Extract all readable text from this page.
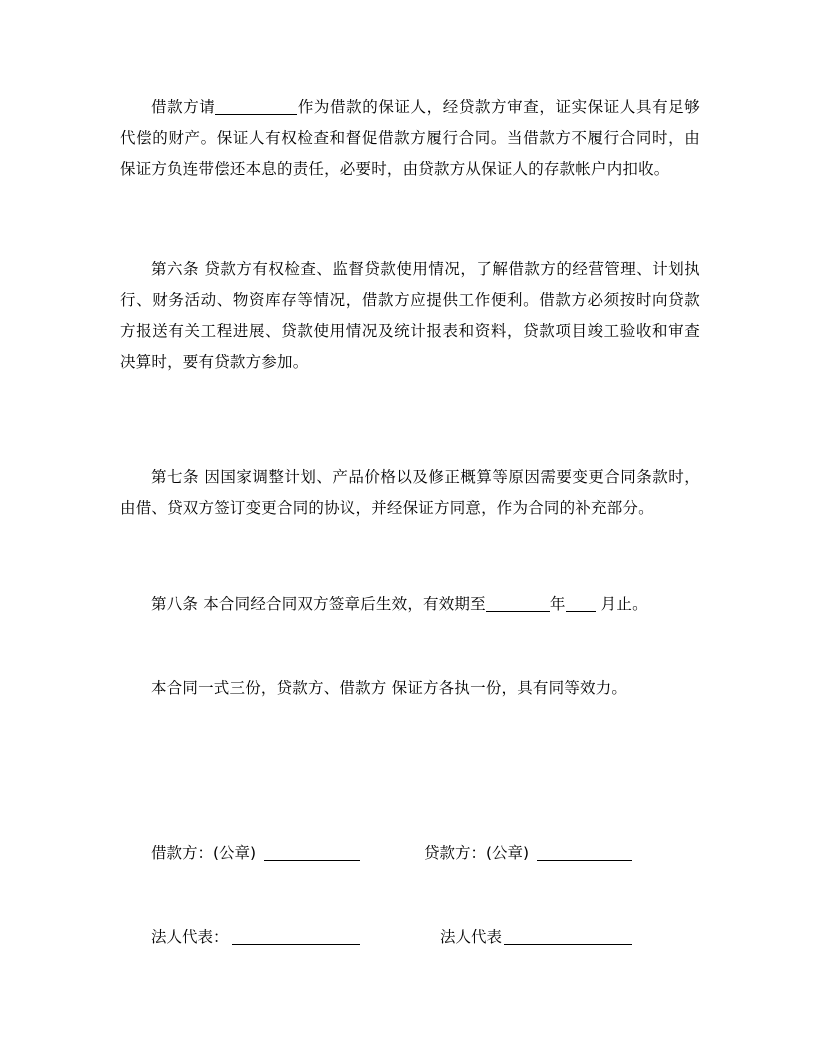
借款方请	作为借款的保证人，经贷款方审查，证实保证人具有足够代偿的财产。保证人有权检查和督促借款方履行合同。当借款方不履行合同时，由保证方负连带偿还本息的责任，必要时，由贷款方从保证人的存款帐户内扣收。

第六条 贷款方有权检查、监督贷款使用情况，了解借款方的经营管理、计划执行、财务活动、物资库存等情况，借款方应提供工作便利。借款方必须按时向贷款方报送有关工程进展、贷款使用情况及统计报表和资料，贷款项目竣工验收和审查决算时，要有贷款方参加。

第七条 因国家调整计划、产品价格以及修正概算等原因需要变更合同条款时，由借、贷双方签订变更合同的协议，并经保证方同意，作为合同的补充部分。

第八条 本合同经合同双方签章后生效，有效期至	年 月止。

本合同一式三份，贷款方、借款方 保证方各执一份，具有同等效力。

借款方：(公章)	贷款方：(公章)
法人代表：	法人代表
